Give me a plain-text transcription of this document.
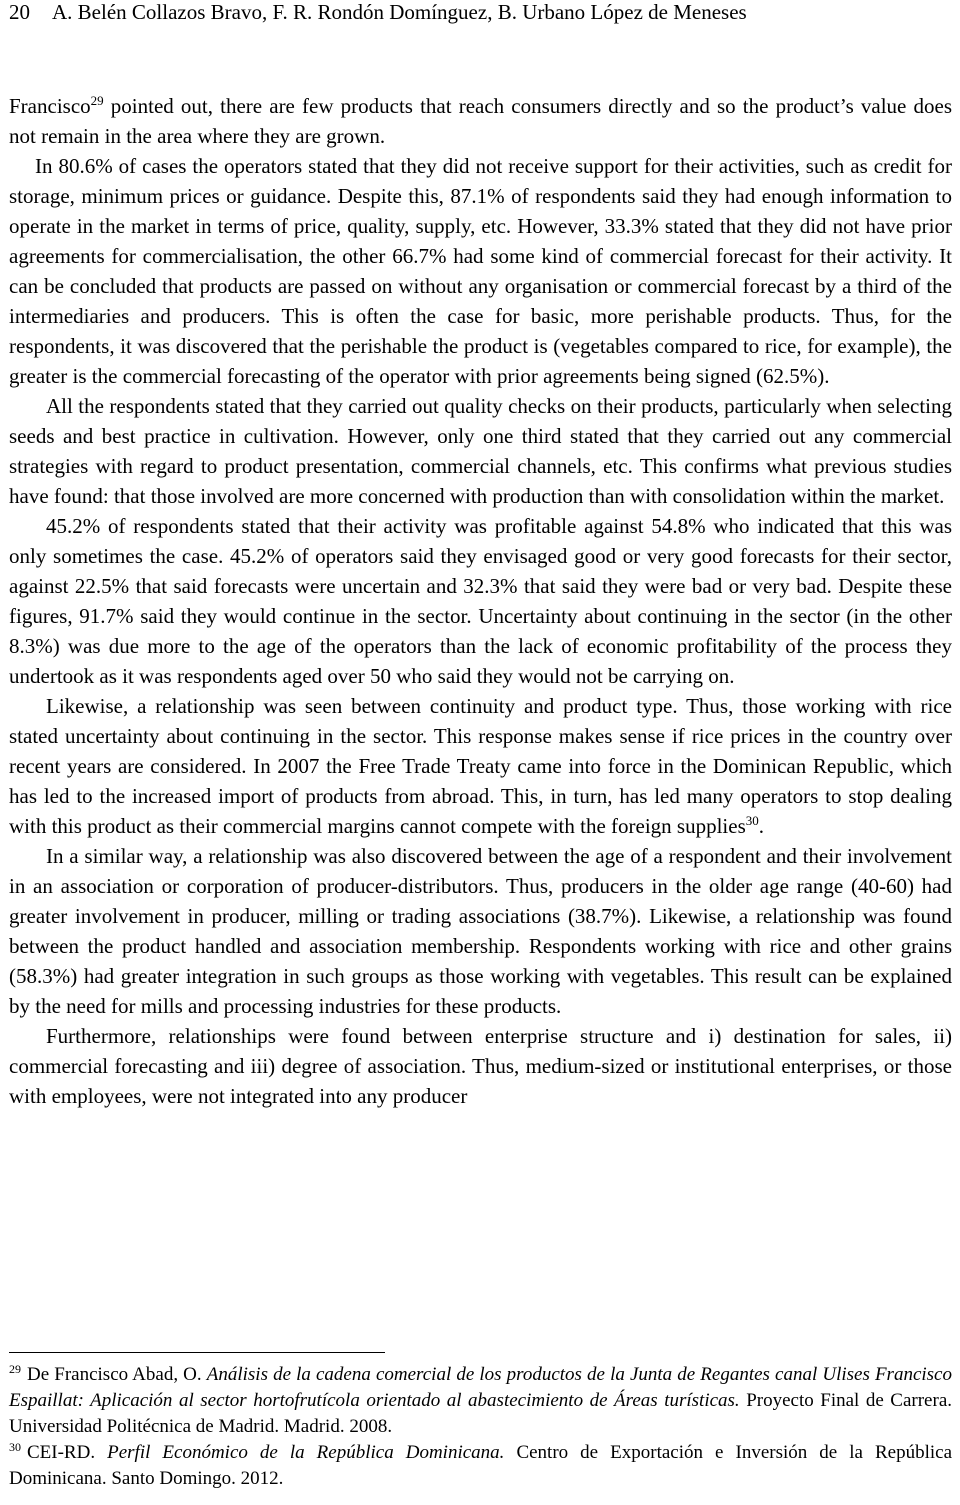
20 A. Belén Collazos Bravo, F. R. Rondón Domínguez, B. Urbano López de Meneses

Francisco$^{29}$ pointed out, there are few products that reach consumers directly and so the product’s value does not remain in the area where they are grown.

In 80.6% of cases the operators stated that they did not receive support for their activities, such as credit for storage, minimum prices or guidance. Despite this, 87.1% of respondents said they had enough information to operate in the market in terms of price, quality, supply, etc. However, 33.3% stated that they did not have prior agreements for commercialisation, the other 66.7% had some kind of commercial forecast for their activity. It can be concluded that products are passed on without any organisation or commercial forecast by a third of the intermediaries and producers. This is often the case for basic, more perishable products. Thus, for the respondents, it was discovered that the perishable the product is (vegetables compared to rice, for example), the greater is the commercial forecasting of the operator with prior agreements being signed (62.5%).

All the respondents stated that they carried out quality checks on their products, particularly when selecting seeds and best practice in cultivation. However, only one third stated that they carried out any commercial strategies with regard to product presentation, commercial channels, etc. This confirms what previous studies have found: that those involved are more concerned with production than with consolidation within the market.

45.2% of respondents stated that their activity was profitable against 54.8% who indicated that this was only sometimes the case. 45.2% of operators said they envisaged good or very good forecasts for their sector, against 22.5% that said forecasts were uncertain and 32.3% that said they were bad or very bad. Despite these figures, 91.7% said they would continue in the sector. Uncertainty about continuing in the sector (in the other 8.3%) was due more to the age of the operators than the lack of economic profitability of the process they undertook as it was respondents aged over 50 who said they would not be carrying on.

Likewise, a relationship was seen between continuity and product type. Thus, those working with rice stated uncertainty about continuing in the sector. This response makes sense if rice prices in the country over recent years are considered. In 2007 the Free Trade Treaty came into force in the Dominican Republic, which has led to the increased import of products from abroad. This, in turn, has led many operators to stop dealing with this product as their commercial margins cannot compete with the foreign supplies$^{30}$.

In a similar way, a relationship was also discovered between the age of a respondent and their involvement in an association or corporation of producer-distributors. Thus, producers in the older age range (40-60) had greater involvement in producer, milling or trading associations (38.7%). Likewise, a relationship was found between the product handled and association membership. Respondents working with rice and other grains (58.3%) had greater integration in such groups as those working with vegetables. This result can be explained by the need for mills and processing industries for these products.

Furthermore, relationships were found between enterprise structure and i) destination for sales, ii) commercial forecasting and iii) degree of association. Thus, medium-sized or institutional enterprises, or those with employees, were not integrated into any producer

$^{29}$ De Francisco Abad, O. Análisis de la cadena comercial de los productos de la Junta de Regantes canal Ulises Francisco Espaillat: Aplicación al sector hortofrutícola orientado al abastecimiento de Áreas turísticas. Proyecto Final de Carrera. Universidad Politécnica de Madrid. Madrid. 2008.

$^{30}$ CEI-RD. Perfil Económico de la República Dominicana. Centro de Exportación e Inversión de la República Dominicana. Santo Domingo. 2012.
